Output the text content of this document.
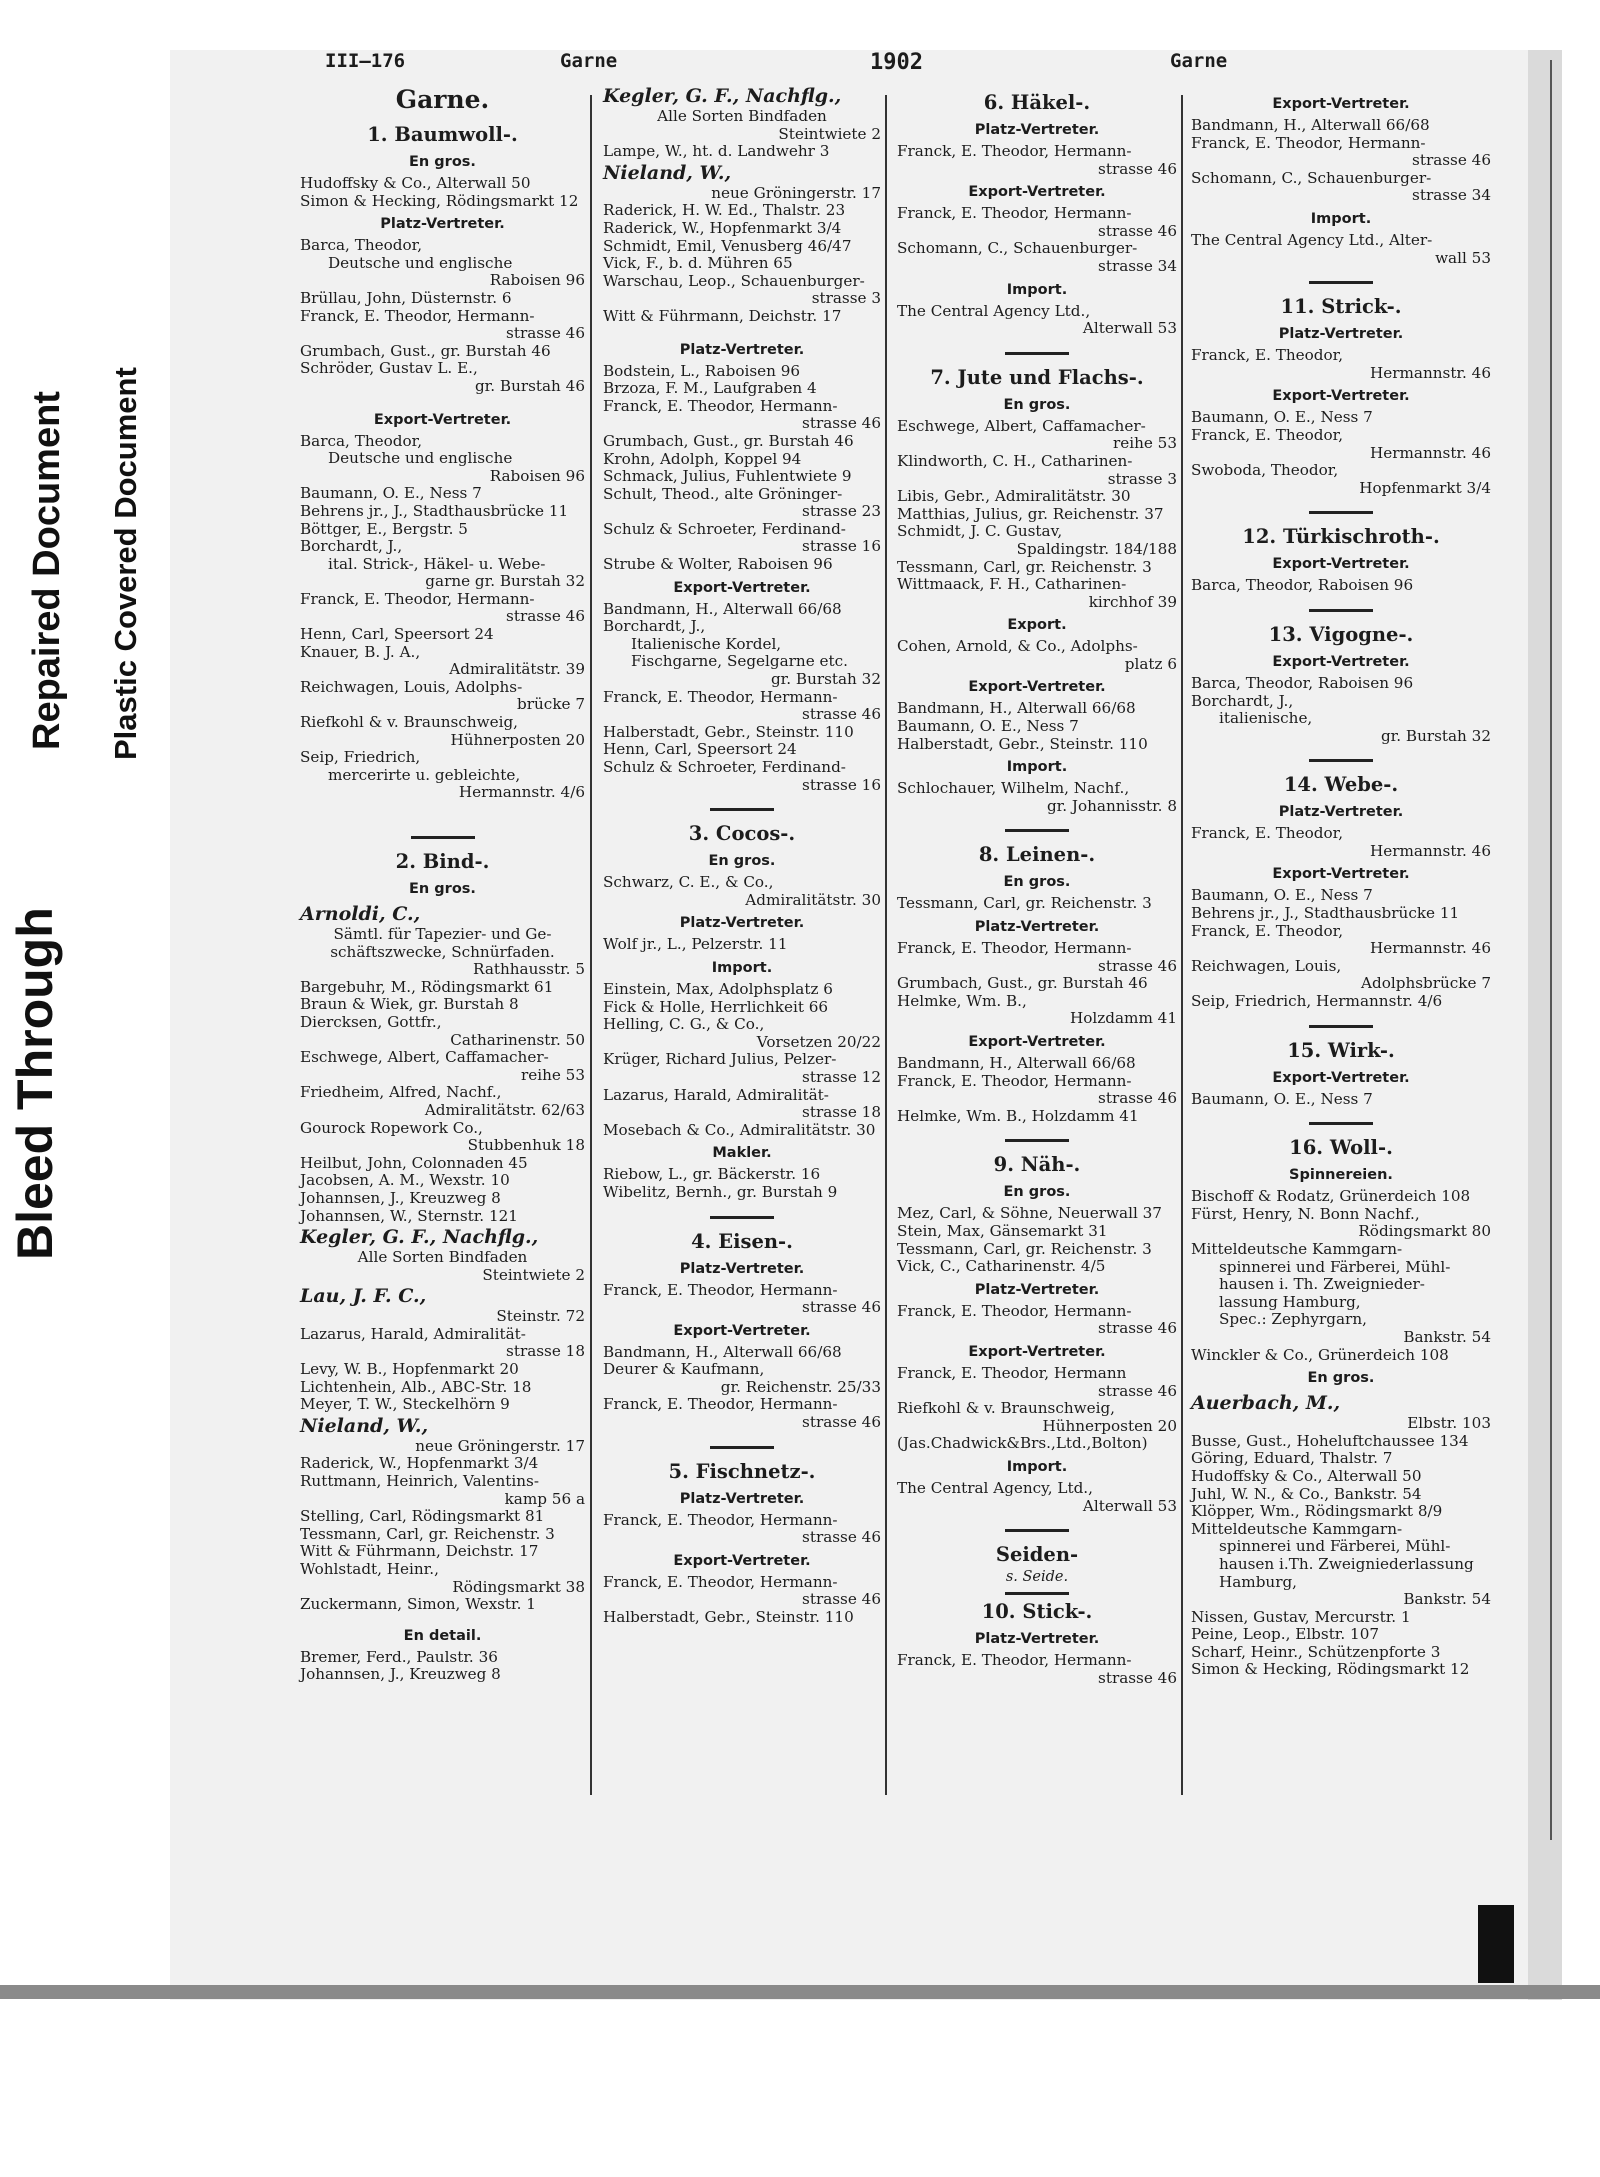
Bleed Through
Repaired Document Plastic Covered Document
III—176	Garne	1902	Garne
Garne.
1. Baumwoll-.
En gros.
Hudoffsky & Co., Alterwall 50
Simon & Hecking, Rödingsmarkt 12
Platz-Vertreter.
Barca, Theodor,
Deutsche und englische
Raboisen 96
Brüllau, John, Düsternstr. 6
Franck, E. Theodor, Hermann-
strasse 46
Grumbach, Gust., gr. Burstah 46
Schröder, Gustav L. E.,
gr. Burstah 46
Export-Vertreter.
Barca, Theodor,
Deutsche und englische
Raboisen 96
Baumann, O. E., Ness 7
Behrens jr., J., Stadthausbrücke 11
Böttger, E., Bergstr. 5
Borchardt, J.,
ital. Strick-, Häkel- u. Webe-
garne gr. Burstah 32
Franck, E. Theodor, Hermann-
strasse 46
Henn, Carl, Speersort 24
Knauer, B. J. A.,
Admiralitätstr. 39
Reichwagen, Louis, Adolphs-
brücke 7
Riefkohl & v. Braunschweig,
Hühnerposten 20
Seip, Friedrich,
mercerirte u. gebleichte,
Hermannstr. 4/6
2. Bind-.
En gros.
Arnoldi, C.,
Sämtl. für Tapezier- und Ge-
schäftszwecke, Schnürfaden.
Rathhausstr. 5
Bargebuhr, M., Rödingsmarkt 61
Braun & Wiek, gr. Burstah 8
Diercksen, Gottfr.,
Catharinenstr. 50
Eschwege, Albert, Caffamacher-
reihe 53
Friedheim, Alfred, Nachf.,
Admiralitätstr. 62/63
Gourock Ropework Co.,
Stubbenhuk 18
Heilbut, John, Colonnaden 45
Jacobsen, A. M., Wexstr. 10
Johannsen, J., Kreuzweg 8
Johannsen, W., Sternstr. 121
Kegler, G. F., Nachflg.,
Alle Sorten Bindfaden
Steintwiete 2
Lau, J. F. C.,
Steinstr. 72
Lazarus, Harald, Admiralität-
strasse 18
Levy, W. B., Hopfenmarkt 20
Lichtenhein, Alb., ABC-Str. 18
Meyer, T. W., Steckelhörn 9
Nieland, W.,
neue Gröningerstr. 17
Raderick, W., Hopfenmarkt 3/4
Ruttmann, Heinrich, Valentins-
kamp 56 a
Stelling, Carl, Rödingsmarkt 81
Tessmann, Carl, gr. Reichenstr. 3
Witt & Führmann, Deichstr. 17
Wohlstadt, Heinr.,
Rödingsmarkt 38
Zuckermann, Simon, Wexstr. 1
En detail.
Bremer, Ferd., Paulstr. 36
Johannsen, J., Kreuzweg 8
Kegler, G. F., Nachflg.,
Alle Sorten Bindfaden
Steintwiete 2
Lampe, W., ht. d. Landwehr 3
Nieland, W.,
neue Gröningerstr. 17
Raderick, H. W. Ed., Thalstr. 23
Raderick, W., Hopfenmarkt 3/4
Schmidt, Emil, Venusberg 46/47
Vick, F., b. d. Mühren 65
Warschau, Leop., Schauenburger-
strasse 3
Witt & Führmann, Deichstr. 17
Platz-Vertreter.
Bodstein, L., Raboisen 96
Brzoza, F. M., Laufgraben 4
Franck, E. Theodor, Hermann-
strasse 46
Grumbach, Gust., gr. Burstah 46
Krohn, Adolph, Koppel 94
Schmack, Julius, Fuhlentwiete 9
Schult, Theod., alte Gröninger-
strasse 23
Schulz & Schroeter, Ferdinand-
strasse 16
Strube & Wolter, Raboisen 96
Export-Vertreter.
Bandmann, H., Alterwall 66/68
Borchardt, J.,
Italienische Kordel,
Fischgarne, Segelgarne etc.
gr. Burstah 32
Franck, E. Theodor, Hermann-
strasse 46
Halberstadt, Gebr., Steinstr. 110
Henn, Carl, Speersort 24
Schulz & Schroeter, Ferdinand-
strasse 16
3. Cocos-.
En gros.
Schwarz, C. E., & Co.,
Admiralitätstr. 30
Platz-Vertreter.
Wolf jr., L., Pelzerstr. 11
Import.
Einstein, Max, Adolphsplatz 6
Fick & Holle, Herrlichkeit 66
Helling, C. G., & Co.,
Vorsetzen 20/22
Krüger, Richard Julius, Pelzer-
strasse 12
Lazarus, Harald, Admiralität-
strasse 18
Mosebach & Co., Admiralitätstr. 30
Makler.
Riebow, L., gr. Bäckerstr. 16
Wibelitz, Bernh., gr. Burstah 9
4. Eisen-.
Platz-Vertreter.
Franck, E. Theodor, Hermann-
strasse 46
Export-Vertreter.
Bandmann, H., Alterwall 66/68
Deurer & Kaufmann,
gr. Reichenstr. 25/33
Franck, E. Theodor, Hermann-
strasse 46
5. Fischnetz-.
Platz-Vertreter.
Franck, E. Theodor, Hermann-
strasse 46
Export-Vertreter.
Franck, E. Theodor, Hermann-
strasse 46
Halberstadt, Gebr., Steinstr. 110
6. Häkel-.
Platz-Vertreter.
Franck, E. Theodor, Hermann-
strasse 46
Export-Vertreter.
Franck, E. Theodor, Hermann-
strasse 46
Schomann, C., Schauenburger-
strasse 34
Import.
The Central Agency Ltd.,
Alterwall 53
7. Jute und Flachs-.
En gros.
Eschwege, Albert, Caffamacher-
reihe 53
Klindworth, C. H., Catharinen-
strasse 3
Libis, Gebr., Admiralitätstr. 30
Matthias, Julius, gr. Reichenstr. 37
Schmidt, J. C. Gustav,
Spaldingstr. 184/188
Tessmann, Carl, gr. Reichenstr. 3
Wittmaack, F. H., Catharinen-
kirchhof 39
Export.
Cohen, Arnold, & Co., Adolphs-
platz 6
Export-Vertreter.
Bandmann, H., Alterwall 66/68
Baumann, O. E., Ness 7
Halberstadt, Gebr., Steinstr. 110
Import.
Schlochauer, Wilhelm, Nachf.,
gr. Johannisstr. 8
8. Leinen-.
En gros.
Tessmann, Carl, gr. Reichenstr. 3
Platz-Vertreter.
Franck, E. Theodor, Hermann-
strasse 46
Grumbach, Gust., gr. Burstah 46
Helmke, Wm. B.,
Holzdamm 41
Export-Vertreter.
Bandmann, H., Alterwall 66/68
Franck, E. Theodor, Hermann-
strasse 46
Helmke, Wm. B., Holzdamm 41
9. Näh-.
En gros.
Mez, Carl, & Söhne, Neuerwall 37
Stein, Max, Gänsemarkt 31
Tessmann, Carl, gr. Reichenstr. 3
Vick, C., Catharinenstr. 4/5
Platz-Vertreter.
Franck, E. Theodor, Hermann-
strasse 46
Export-Vertreter.
Franck, E. Theodor, Hermann
strasse 46
Riefkohl & v. Braunschweig,
Hühnerposten 20
(Jas.Chadwick&Brs.,Ltd.,Bolton)
Import.
The Central Agency, Ltd.,
Alterwall 53
Seiden-
s. Seide.
10. Stick-.
Platz-Vertreter.
Franck, E. Theodor, Hermann-
strasse 46
Export-Vertreter.
Bandmann, H., Alterwall 66/68
Franck, E. Theodor, Hermann-
strasse 46
Schomann, C., Schauenburger-
strasse 34
Import.
The Central Agency Ltd., Alter-
wall 53
11. Strick-.
Platz-Vertreter.
Franck, E. Theodor,
Hermannstr. 46
Export-Vertreter.
Baumann, O. E., Ness 7
Franck, E. Theodor,
Hermannstr. 46
Swoboda, Theodor,
Hopfenmarkt 3/4
12. Türkischroth-.
Export-Vertreter.
Barca, Theodor, Raboisen 96
13. Vigogne-.
Export-Vertreter.
Barca, Theodor, Raboisen 96
Borchardt, J.,
italienische,
gr. Burstah 32
14. Webe-.
Platz-Vertreter.
Franck, E. Theodor,
Hermannstr. 46
Export-Vertreter.
Baumann, O. E., Ness 7
Behrens jr., J., Stadthausbrücke 11
Franck, E. Theodor,
Hermannstr. 46
Reichwagen, Louis,
Adolphsbrücke 7
Seip, Friedrich, Hermannstr. 4/6
15. Wirk-.
Export-Vertreter.
Baumann, O. E., Ness 7
16. Woll-.
Spinnereien.
Bischoff & Rodatz, Grünerdeich 108
Fürst, Henry, N. Bonn Nachf.,
Rödingsmarkt 80
Mitteldeutsche Kammgarn-
spinnerei und Färberei, Mühl-
hausen i. Th. Zweignieder-
lassung Hamburg,
Spec.: Zephyrgarn,
Bankstr. 54
Winckler & Co., Grünerdeich 108
En gros.
Auerbach, M.,
Elbstr. 103
Busse, Gust., Hoheluftchaussee 134
Göring, Eduard, Thalstr. 7
Hudoffsky & Co., Alterwall 50
Juhl, W. N., & Co., Bankstr. 54
Klöpper, Wm., Rödingsmarkt 8/9
Mitteldeutsche Kammgarn-
spinnerei und Färberei, Mühl-
hausen i.Th. Zweigniederlassung
Hamburg,
Bankstr. 54
Nissen, Gustav, Mercurstr. 1
Peine, Leop., Elbstr. 107
Scharf, Heinr., Schützenpforte 3
Simon & Hecking, Rödingsmarkt 12
